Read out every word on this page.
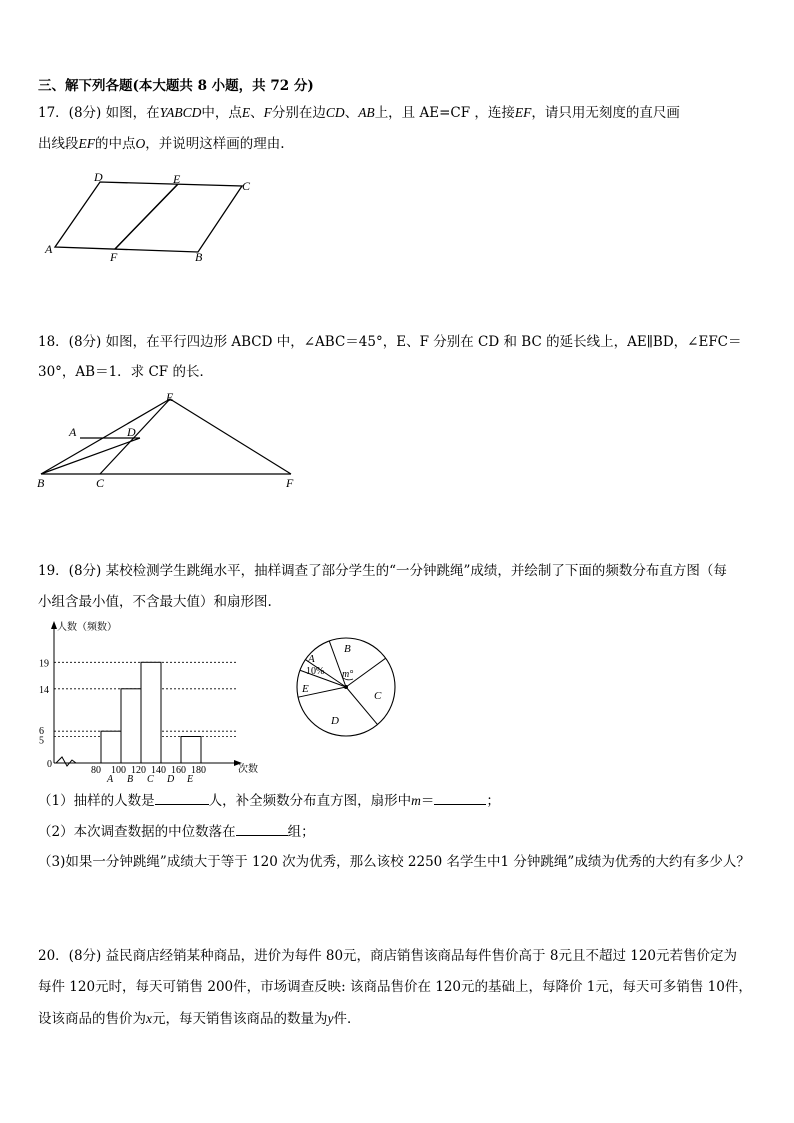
三、解下列各题(本大题共 8 小题，共 72 分)
17．(8分) 如图，在YABCD中，点E、F分别在边CD、AB上，且 AE=CF ，连接EF，请只用无刻度的直尺画
出线段EF的中点O，并说明这样画的理由.
D	E	C
A
F	B
18．(8分) 如图，在平行四边形 ABCD 中，∠ABC＝45°，E、F 分别在 CD 和 BC 的延长线上，AE∥BD，∠EFC＝
30°，AB＝1．求 CF 的长．
E
A	D
B	C	F
19．(8分) 某校检测学生跳绳水平，抽样调查了部分学生的“一分钟跳绳”成绩，并绘制了下面的频数分布直方图（每
小组含最小值，不含最大值）和扇形图.
人数（频数）
次数
0
5
6
14
19
80 100 120 140 160 180
A B C D E
A
10%
B
C
D
E
m°
（1）抽样的人数是	人，补全频数分布直方图，扇形中m＝	；
（2）本次调查数据的中位数落在	组；
（3)如果一分钟跳绳”成绩大于等于 120 次为优秀，那么该校 2250 名学生中1 分钟跳绳”成绩为优秀的大约有多少人？
20．(8分) 益民商店经销某种商品，进价为每件 80元，商店销售该商品每件售价高于 8元且不超过 120元若售价定为
每件 120元时，每天可销售 200件，市场调查反映: 该商品售价在 120元的基础上，每降价 1元，每天可多销售 10件，
设该商品的售价为x元，每天销售该商品的数量为y件．
